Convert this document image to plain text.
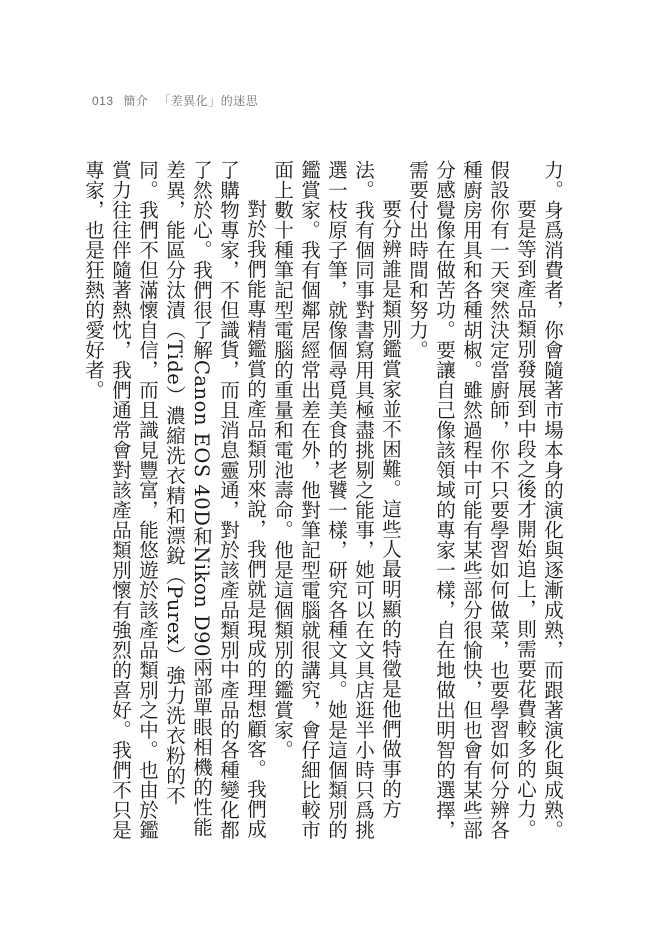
013 簡介 「差異化」的迷思

力。身爲消費者，你會隨著市場本身的演化與逐漸成熟，而跟著演化與成熟。

要是等到產品類別發展到中段之後才開始追上，則需要花費較多的心力。假設你有一天突然決定當廚師，你不只要學習如何做菜，也要學習如何分辨各種廚房用具和各種胡椒。雖然過程中可能有某些部分很愉快，但也會有某些部分感覺像在做苦功。要讓自己像該領域的專家一樣，自在地做出明智的選擇，需要付出時間和努力。

要分辨誰是類別鑑賞家並不困難。這些人最明顯的特徵是他們做事的方法。我有個同事對書寫用具極盡挑剔之能事，她可以在文具店逛半小時只爲挑選一枝原子筆，就像個尋覓美食的老饕一樣，研究各種文具。她是這個類別的鑑賞家。我有個鄰居經常出差在外，他對筆記型電腦就很講究，會仔細比較市面上數十種筆記型電腦的重量和電池壽命。他是這個類別的鑑賞家。

對於我們能專精鑑賞的產品類別來說，我們就是現成的理想顧客。我們成了購物專家，不但識貨，而且消息靈通，對於該產品類別中產品的各種變化都了然於心。我們很了解Canon EOS 40D和Nikon D90兩部單眼相機的性能差異，能區分汰漬（Tide）濃縮洗衣精和漂銳（Purex）強力洗衣粉的不同。我們不但滿懷自信，而且識見豐富，能悠遊於該產品類別之中。也由於鑑賞力往往伴隨著熱忱，我們通常會對該產品類別懷有強烈的喜好。我們不只是專家，也是狂熱的愛好者。
